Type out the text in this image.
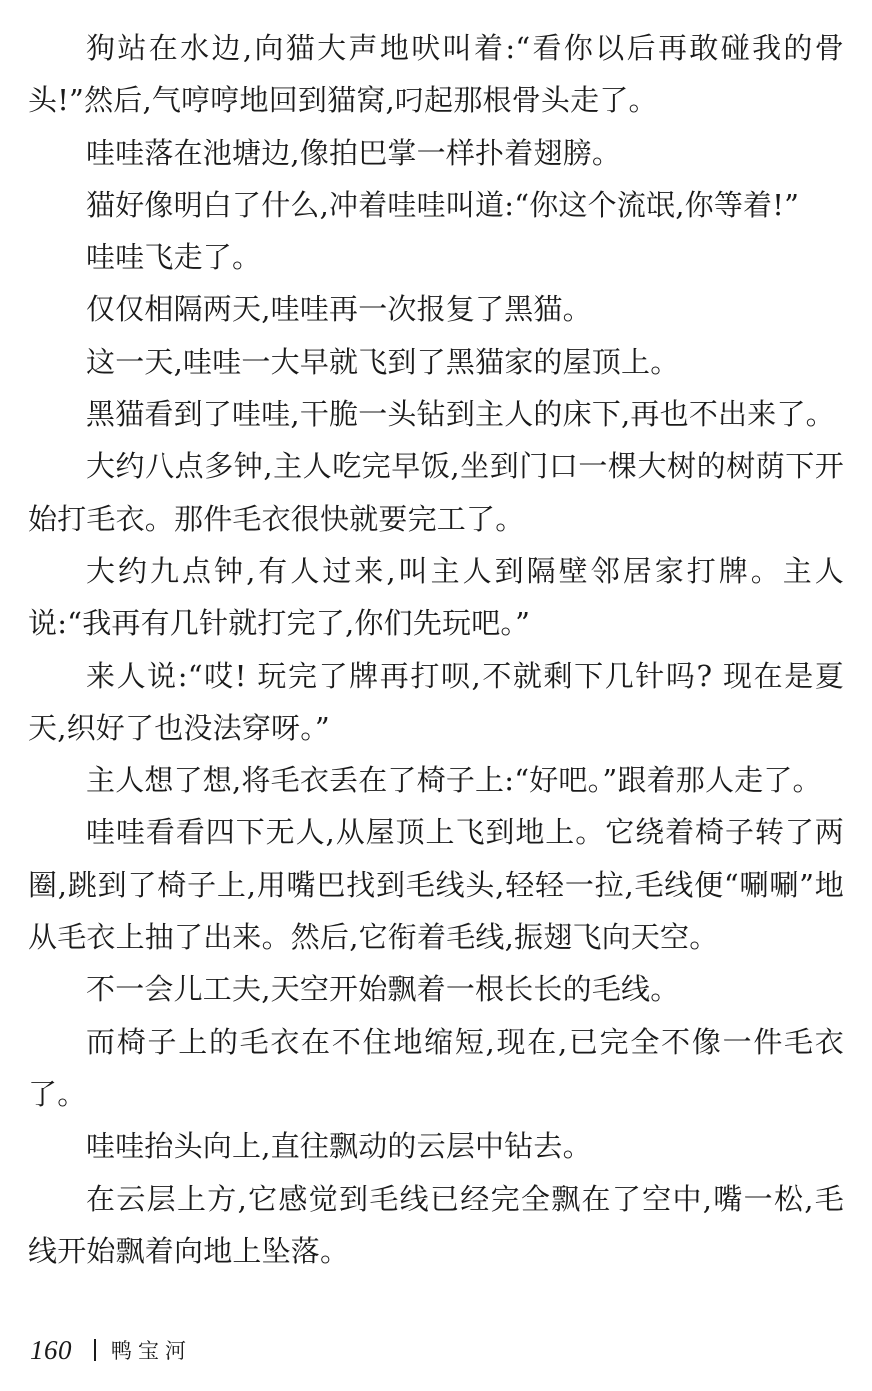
狗站在水边,向猫大声地吠叫着:“看你以后再敢碰我的骨头!”然后,气哼哼地回到猫窝,叼起那根骨头走了。

哇哇落在池塘边,像拍巴掌一样扑着翅膀。

猫好像明白了什么,冲着哇哇叫道:“你这个流氓,你等着!”

哇哇飞走了。

仅仅相隔两天,哇哇再一次报复了黑猫。

这一天,哇哇一大早就飞到了黑猫家的屋顶上。

黑猫看到了哇哇,干脆一头钻到主人的床下,再也不出来了。

大约八点多钟,主人吃完早饭,坐到门口一棵大树的树荫下开始打毛衣。那件毛衣很快就要完工了。

大约九点钟,有人过来,叫主人到隔壁邻居家打牌。主人说:“我再有几针就打完了,你们先玩吧。”

来人说:“哎! 玩完了牌再打呗,不就剩下几针吗? 现在是夏天,织好了也没法穿呀。”

主人想了想,将毛衣丢在了椅子上:“好吧。”跟着那人走了。

哇哇看看四下无人,从屋顶上飞到地上。它绕着椅子转了两圈,跳到了椅子上,用嘴巴找到毛线头,轻轻一拉,毛线便“唰唰”地从毛衣上抽了出来。然后,它衔着毛线,振翅飞向天空。

不一会儿工夫,天空开始飘着一根长长的毛线。

而椅子上的毛衣在不住地缩短,现在,已完全不像一件毛衣了。

哇哇抬头向上,直往飘动的云层中钻去。

在云层上方,它感觉到毛线已经完全飘在了空中,嘴一松,毛线开始飘着向地上坠落。

160 鸭宝河
